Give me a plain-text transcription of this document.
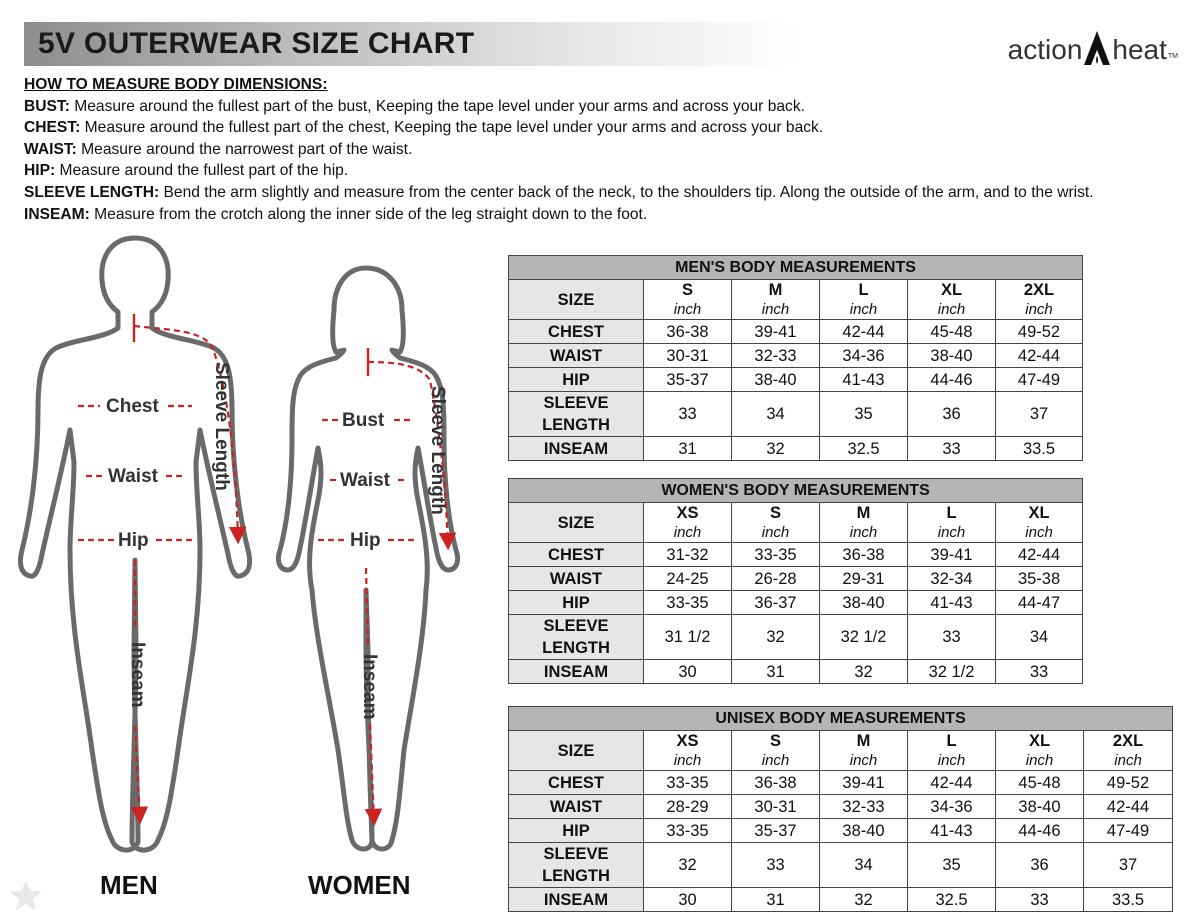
5V OUTERWEAR SIZE CHART	action heat TM
HOW TO MEASURE BODY DIMENSIONS:
BUST: Measure around the fullest part of the bust, Keeping the tape level under your arms and across your back.
CHEST: Measure around the fullest part of the chest, Keeping the tape level under your arms and across your back.
WAIST: Measure around the narrowest part of the waist.
HIP: Measure around the fullest part of the hip.
SLEEVE LENGTH: Bend the arm slightly and measure from the center back of the neck, to the shoulders tip. Along the outside of the arm, and to the wrist.
INSEAM: Measure from the crotch along the inner side of the leg straight down to the foot.
Chest
Waist
Hip
Sleeve Length
Inseam
Bust
Waist
Hip
Sleeve Length
Inseam
MEN	WOMEN
MEN'S BODY MEASUREMENTS					
SIZE	S	M	L	XL	2XL
	inch	inch	inch	inch	inch
CHEST	36-38	39-41	42-44	45-48	49-52
WAIST	30-31	32-33	34-36	38-40	42-44
HIP	35-37	38-40	41-43	44-46	47-49
SLEEVE LENGTH	33	34	35	36	37
INSEAM	31	32	32.5	33	33.5
WOMEN'S BODY MEASUREMENTS					
SIZE	XS	S	M	L	XL
	inch	inch	inch	inch	inch
CHEST	31-32	33-35	36-38	39-41	42-44
WAIST	24-25	26-28	29-31	32-34	35-38
HIP	33-35	36-37	38-40	41-43	44-47
SLEEVE LENGTH	31 1/2	32	32 1/2	33	34
INSEAM	30	31	32	32 1/2	33
UNISEX BODY MEASUREMENTS						
SIZE	XS	S	M	L	XL	2XL
	inch	inch	inch	inch	inch	inch
CHEST	33-35	36-38	39-41	42-44	45-48	49-52
WAIST	28-29	30-31	32-33	34-36	38-40	42-44
HIP	33-35	35-37	38-40	41-43	44-46	47-49
SLEEVE LENGTH	32	33	34	35	36	37
INSEAM	30	31	32	32.5	33	33.5
